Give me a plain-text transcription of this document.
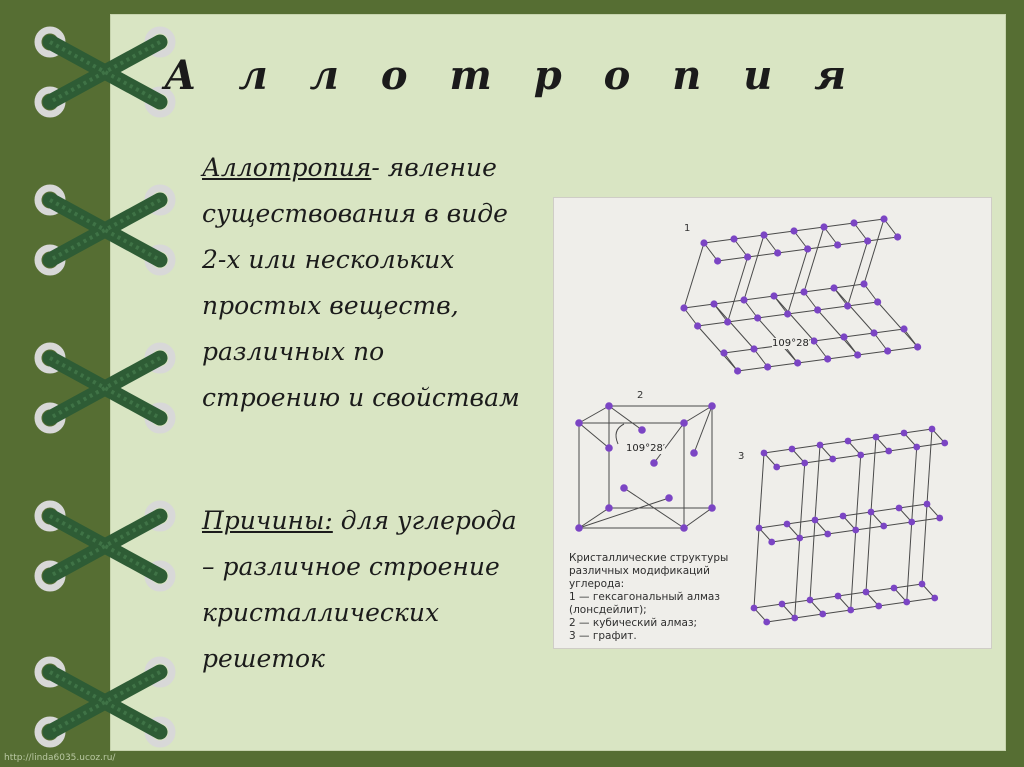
А л л о т р о п и я
Аллотропия- явление
существования в виде
2-х или нескольких
простых веществ,
различных по
строению и свойствам
Причины: для углерода
– различное строение
кристаллических
решеток
1
2
3
109°28′
109°28′
Кристаллические структуры
различных модификаций
углерода:
1 — гексагональный алмаз
(лонсдейлит);
2 — кубический алмаз;
3 — графит.
http://linda6035.ucoz.ru/
